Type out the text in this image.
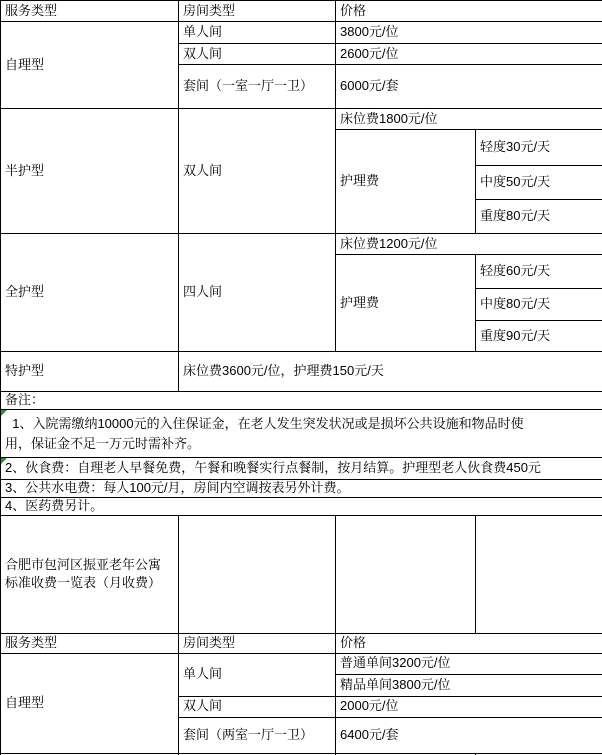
服务类型	房间类型	价格	
自理型	单人间	3800元/位	
	双人间	2600元/位	
	套间（一室一厅一卫）	6000元/套	
半护型	双人间	床位费1800元/位	
		护理费	轻度30元/天
			中度50元/天
			重度80元/天
全护型	四人间	床位费1200元/位	
		护理费	轻度60元/天
			中度80元/天
			重度90元/天
特护型	床位费3600元/位，护理费150元/天		
备注：			

1、入院需缴纳10000元的入住保证金，在老人发生突发状况或是损坏公共设施和物品时使
用，保证金不足一万元时需补齐。			

2、伙食费：自理老人早餐免费，午餐和晚餐实行点餐制，按月结算。护理型老人伙食费450元			
3、公共水电费：每人100元/月，房间内空调按表另外计费。			
4、医药费另计。			

合肥市包河区振亚老年公寓
标准收费一览表（月收费）			

服务类型	房间类型	价格	
自理型	单人间	普通单间3200元/位	
		精品单间3800元/位	
	双人间	2000元/位	
	套间（两室一厅一卫）	6400元/套	
